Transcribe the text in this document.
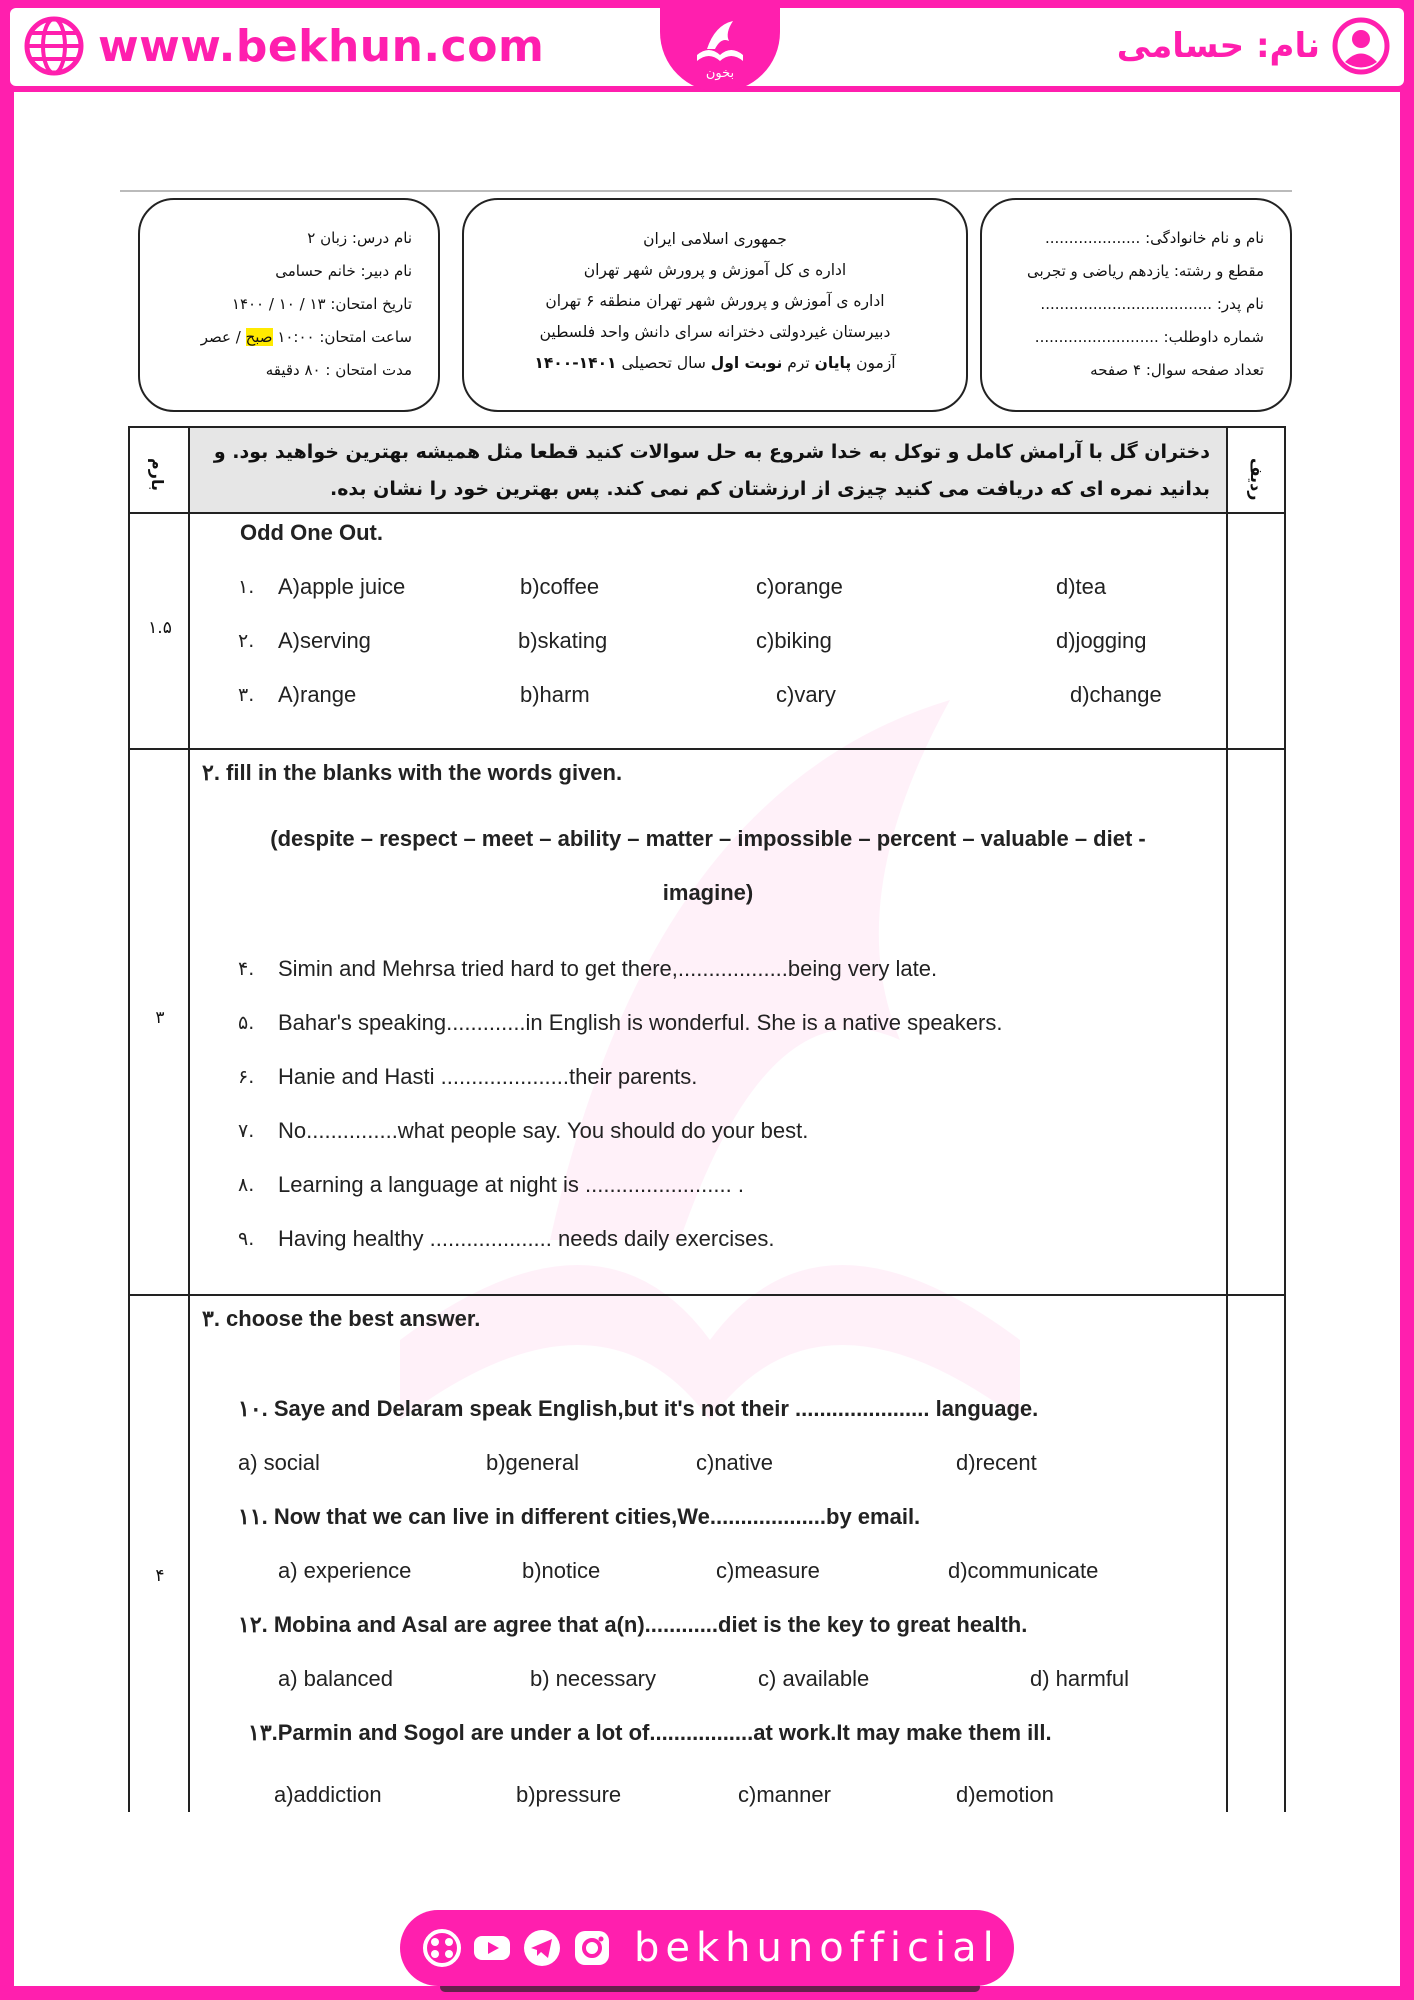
www.bekhun.com
بخون
نام: حسامی
نام و نام خانوادگی: ....................
مقطع و رشته: یازدهم ریاضی و تجربی
نام پدر: ....................................
شماره داوطلب: ..........................
تعداد صفحه سوال: ۴ صفحه
جمهوری اسلامی ایران
اداره ی کل آموزش و پرورش شهر تهران
اداره ی آموزش و پرورش شهر تهران منطقه ۶ تهران
دبیرستان غیردولتی دخترانه سرای دانش واحد فلسطین
آزمون پایان ترم نوبت اول سال تحصیلی ۱۴۰۱-۱۴۰۰
نام درس: زبان ۲
نام دبیر: خانم حسامی
تاریخ امتحان: ۱۳ / ۱۰ / ۱۴۰۰
ساعت امتحان: ۱۰:۰۰ صبح / عصر
مدت امتحان : ۸۰ دقیقه
بارم	ردیف
دختران گل با آرامش کامل و توکل به خدا شروع به حل سوالات کنید قطعا مثل همیشه بهترین خواهید بود. و
بدانید نمره ای که دریافت می کنید چیزی از ارزشتان کم نمی کند. پس بهترین خود را نشان بده.
۱.۵
Odd One Out.
۱. A)apple juice	b)coffee	c)orange	d)tea
۲. A)serving	b)skating	c)biking	d)jogging
۳. A)range	b)harm	c)vary	d)change
۳
۲. fill in the blanks with the words given.
(despite – respect – meet – ability – matter – impossible – percent – valuable – diet -
imagine)
۴. Simin and Mehrsa tried hard to get there,..................being very late.
۵. Bahar's speaking.............in English is wonderful. She is a native speakers.
۶. Hanie and Hasti .....................their parents.
۷. No...............what people say. You should do your best.
۸. Learning a language at night is ........................ .
۹. Having healthy .................... needs daily exercises.
۴
۳. choose the best answer.
۱۰. Saye and Delaram speak English,but it's not their ...................... language.
a) social	b)general	c)native	d)recent
۱۱. Now that we can live in different cities,We...................by email.
a) experience	b)notice	c)measure	d)communicate
۱۲. Mobina and Asal are agree that a(n)............diet is the key to great health.
a) balanced	b) necessary	c) available	d) harmful
۱۳.Parmin and Sogol are under a lot of.................at work.It may make them ill.
a)addiction	b)pressure	c)manner	d)emotion
bekhunofficial
